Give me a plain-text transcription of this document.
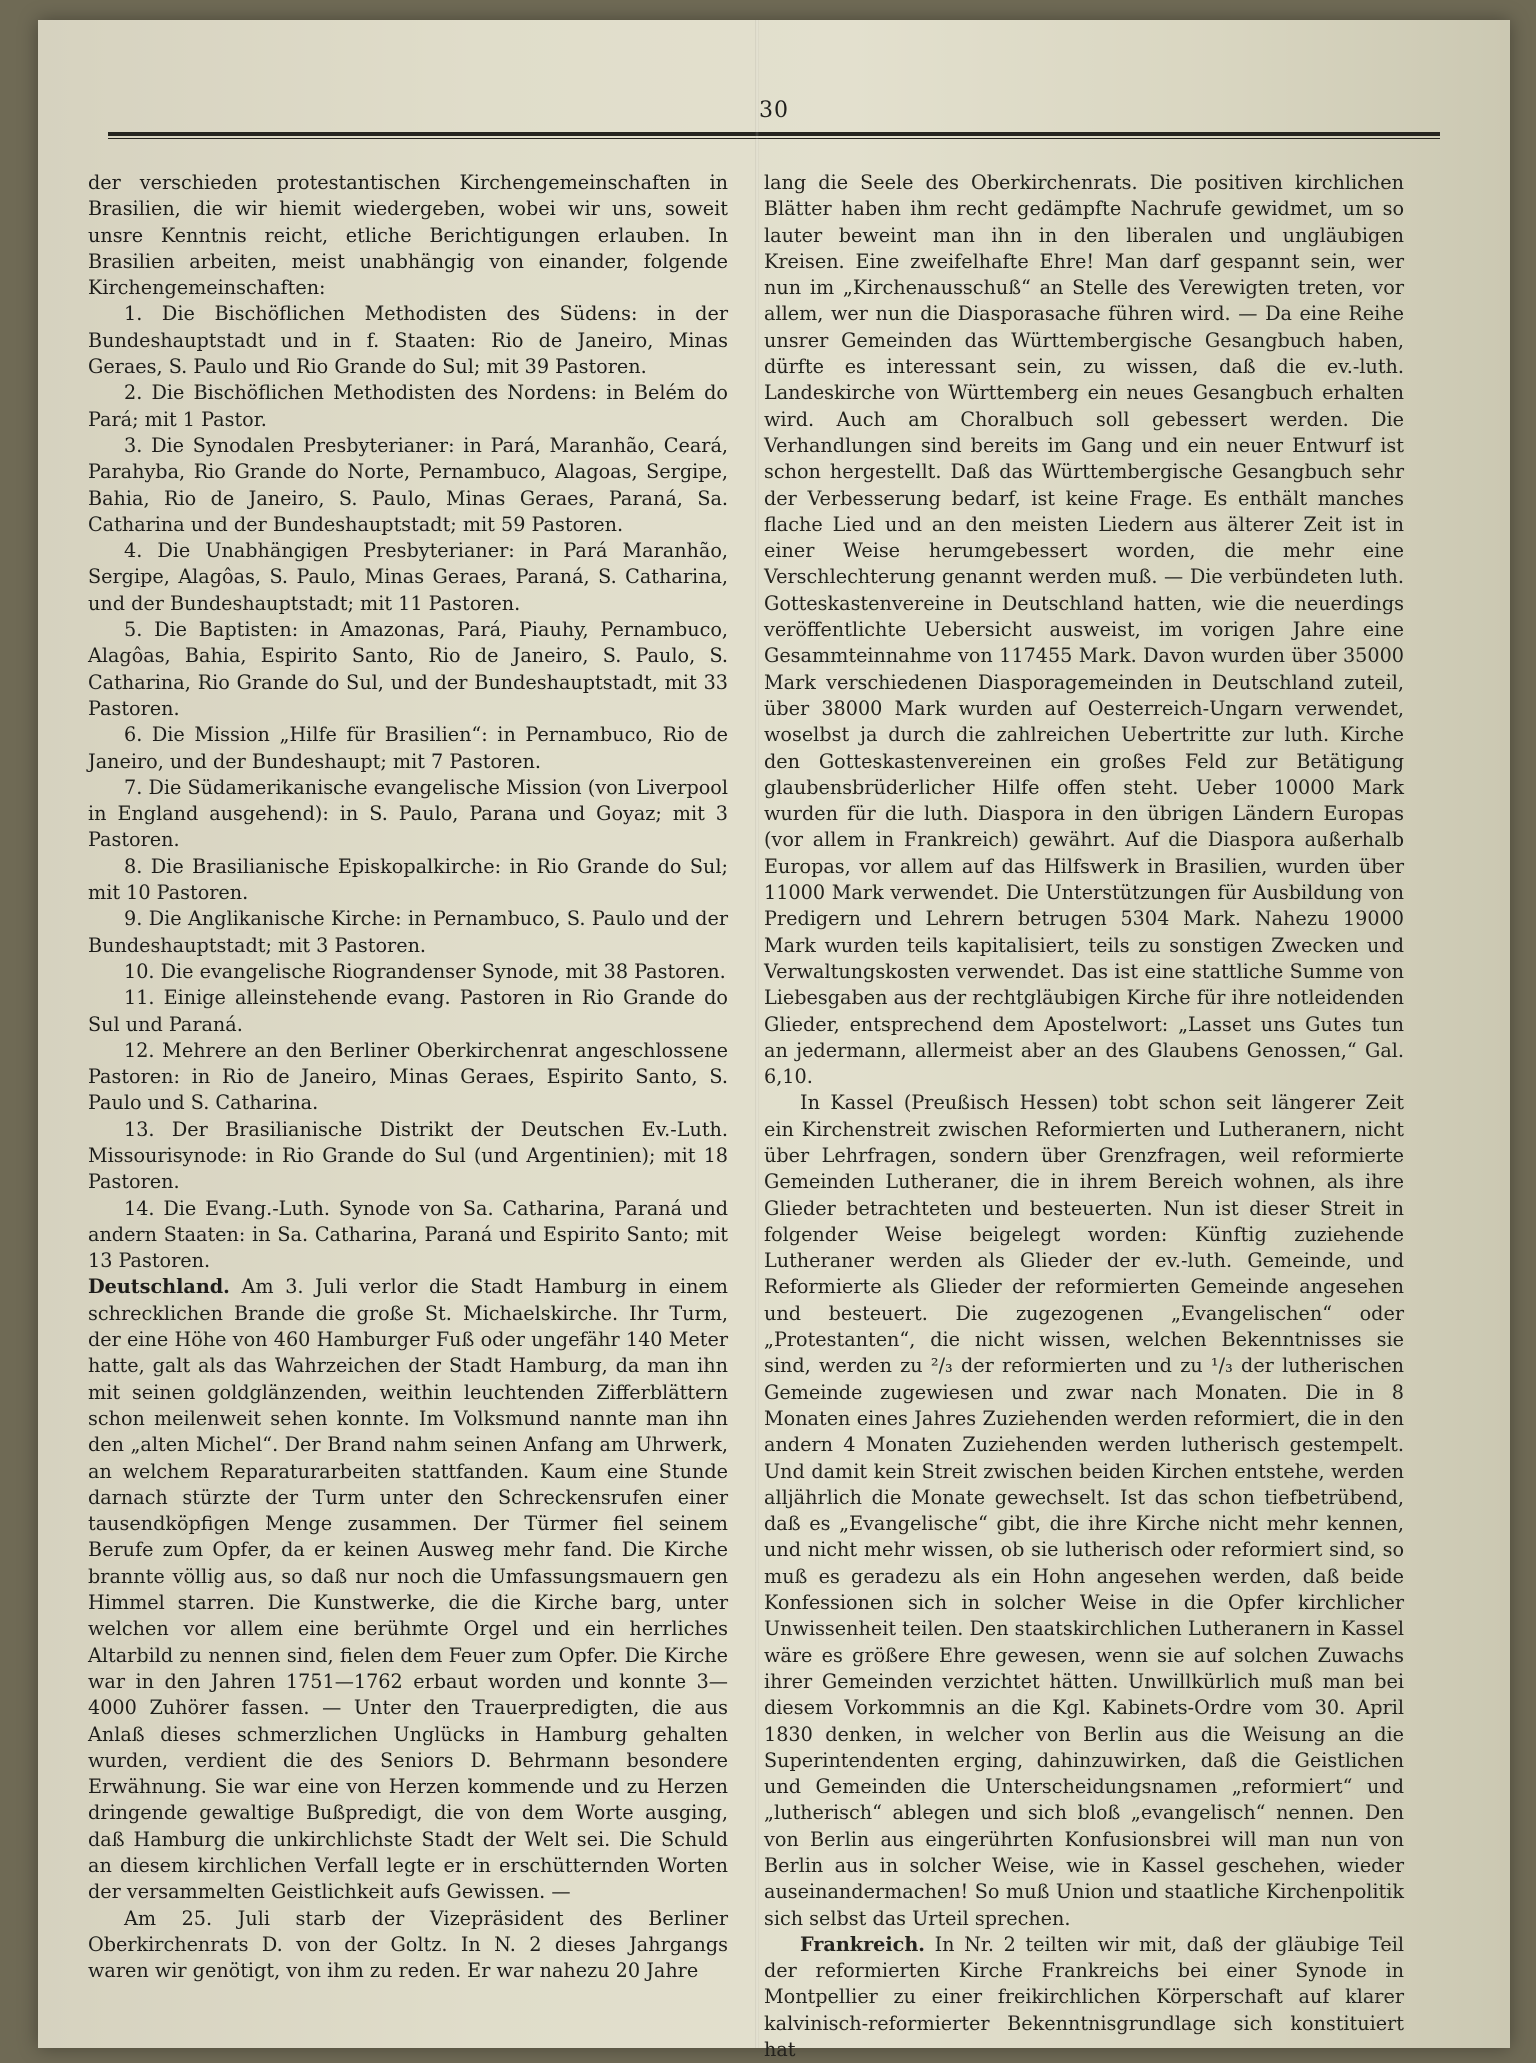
30

der verschieden protestantischen Kirchengemeinschaften in Brasilien, die wir hiemit wiedergeben, wobei wir uns, soweit unsre Kenntnis reicht, etliche Berichtigungen erlauben. In Brasilien arbeiten, meist unabhängig von einander, folgende Kirchengemeinschaften:

1. Die Bischöflichen Methodisten des Südens: in der Bundeshauptstadt und in f. Staaten: Rio de Janeiro, Minas Geraes, S. Paulo und Rio Grande do Sul; mit 39 Pastoren.

2. Die Bischöflichen Methodisten des Nordens: in Belém do Pará; mit 1 Pastor.

3. Die Synodalen Presbyterianer: in Pará, Maranhão, Ceará, Parahyba, Rio Grande do Norte, Pernambuco, Alagoas, Sergipe, Bahia, Rio de Janeiro, S. Paulo, Minas Geraes, Paraná, Sa. Catharina und der Bundeshauptstadt; mit 59 Pastoren.

4. Die Unabhängigen Presbyterianer: in Pará Maranhão, Sergipe, Alagôas, S. Paulo, Minas Geraes, Paraná, S. Catharina, und der Bundeshauptstadt; mit 11 Pastoren.

5. Die Baptisten: in Amazonas, Pará, Piauhy, Pernambuco, Alagôas, Bahia, Espirito Santo, Rio de Janeiro, S. Paulo, S. Catharina, Rio Grande do Sul, und der Bundeshauptstadt, mit 33 Pastoren.

6. Die Mission „Hilfe für Brasilien“: in Pernambuco, Rio de Janeiro, und der Bundeshaupt; mit 7 Pastoren.

7. Die Südamerikanische evangelische Mission (von Liverpool in England ausgehend): in S. Paulo, Parana und Goyaz; mit 3 Pastoren.

8. Die Brasilianische Episkopalkirche: in Rio Grande do Sul; mit 10 Pastoren.

9. Die Anglikanische Kirche: in Pernambuco, S. Paulo und der Bundeshauptstadt; mit 3 Pastoren.

10. Die evangelische Riograndenser Synode, mit 38 Pastoren.

11. Einige alleinstehende evang. Pastoren in Rio Grande do Sul und Paraná.

12. Mehrere an den Berliner Oberkirchenrat angeschlossene Pastoren: in Rio de Janeiro, Minas Geraes, Espirito Santo, S. Paulo und S. Catharina.

13. Der Brasilianische Distrikt der Deutschen Ev.-Luth. Missourisynode: in Rio Grande do Sul (und Argentinien); mit 18 Pastoren.

14. Die Evang.-Luth. Synode von Sa. Catharina, Paraná und andern Staaten: in Sa. Catharina, Paraná und Espirito Santo; mit 13 Pastoren.

Deutschland. Am 3. Juli verlor die Stadt Hamburg in einem schrecklichen Brande die große St. Michaelskirche. Ihr Turm, der eine Höhe von 460 Hamburger Fuß oder ungefähr 140 Meter hatte, galt als das Wahrzeichen der Stadt Hamburg, da man ihn mit seinen goldglänzenden, weithin leuchtenden Zifferblättern schon meilenweit sehen konnte. Im Volksmund nannte man ihn den „alten Michel“. Der Brand nahm seinen Anfang am Uhrwerk, an welchem Reparaturarbeiten stattfanden. Kaum eine Stunde darnach stürzte der Turm unter den Schreckensrufen einer tausendköpfigen Menge zusammen. Der Türmer fiel seinem Berufe zum Opfer, da er keinen Ausweg mehr fand. Die Kirche brannte völlig aus, so daß nur noch die Umfassungsmauern gen Himmel starren. Die Kunstwerke, die die Kirche barg, unter welchen vor allem eine berühmte Orgel und ein herrliches Altarbild zu nennen sind, fielen dem Feuer zum Opfer. Die Kirche war in den Jahren 1751—1762 erbaut worden und konnte 3—4000 Zuhörer fassen. — Unter den Trauerpredigten, die aus Anlaß dieses schmerzlichen Unglücks in Hamburg gehalten wurden, verdient die des Seniors D. Behrmann besondere Erwähnung. Sie war eine von Herzen kommende und zu Herzen dringende gewaltige Bußpredigt, die von dem Worte ausging, daß Hamburg die unkirchlichste Stadt der Welt sei. Die Schuld an diesem kirchlichen Verfall legte er in erschütternden Worten der versammelten Geistlichkeit aufs Gewissen. —

Am 25. Juli starb der Vizepräsident des Berliner Oberkirchenrats D. von der Goltz. In N. 2 dieses Jahrgangs waren wir genötigt, von ihm zu reden. Er war nahezu 20 Jahre

lang die Seele des Oberkirchenrats. Die positiven kirchlichen Blätter haben ihm recht gedämpfte Nachrufe gewidmet, um so lauter beweint man ihn in den liberalen und ungläubigen Kreisen. Eine zweifelhafte Ehre! Man darf gespannt sein, wer nun im „Kirchenausschuß“ an Stelle des Verewigten treten, vor allem, wer nun die Diasporasache führen wird. — Da eine Reihe unsrer Gemeinden das Württembergische Gesangbuch haben, dürfte es interessant sein, zu wissen, daß die ev.-luth. Landeskirche von Württemberg ein neues Gesangbuch erhalten wird. Auch am Choralbuch soll gebessert werden. Die Verhandlungen sind bereits im Gang und ein neuer Entwurf ist schon hergestellt. Daß das Württembergische Gesangbuch sehr der Verbesserung bedarf, ist keine Frage. Es enthält manches flache Lied und an den meisten Liedern aus älterer Zeit ist in einer Weise herumgebessert worden, die mehr eine Verschlechterung genannt werden muß. — Die verbündeten luth. Gotteskastenvereine in Deutschland hatten, wie die neuerdings veröffentlichte Uebersicht ausweist, im vorigen Jahre eine Gesammteinnahme von 117455 Mark. Davon wurden über 35000 Mark verschiedenen Diasporagemeinden in Deutschland zuteil, über 38000 Mark wurden auf Oesterreich-Ungarn verwendet, woselbst ja durch die zahlreichen Uebertritte zur luth. Kirche den Gotteskastenvereinen ein großes Feld zur Betätigung glaubensbrüderlicher Hilfe offen steht. Ueber 10000 Mark wurden für die luth. Diaspora in den übrigen Ländern Europas (vor allem in Frankreich) gewährt. Auf die Diaspora außerhalb Europas, vor allem auf das Hilfswerk in Brasilien, wurden über 11000 Mark verwendet. Die Unterstützungen für Ausbildung von Predigern und Lehrern betrugen 5304 Mark. Nahezu 19000 Mark wurden teils kapitalisiert, teils zu sonstigen Zwecken und Verwaltungskosten verwendet. Das ist eine stattliche Summe von Liebesgaben aus der rechtgläubigen Kirche für ihre notleidenden Glieder, entsprechend dem Apostelwort: „Lasset uns Gutes tun an jedermann, allermeist aber an des Glaubens Genossen,“ Gal. 6,10.

In Kassel (Preußisch Hessen) tobt schon seit längerer Zeit ein Kirchenstreit zwischen Reformierten und Lutheranern, nicht über Lehrfragen, sondern über Grenzfragen, weil reformierte Gemeinden Lutheraner, die in ihrem Bereich wohnen, als ihre Glieder betrachteten und besteuerten. Nun ist dieser Streit in folgender Weise beigelegt worden: Künftig zuziehende Lutheraner werden als Glieder der ev.-luth. Gemeinde, und Reformierte als Glieder der reformierten Gemeinde angesehen und besteuert. Die zugezogenen „Evangelischen“ oder „Protestanten“, die nicht wissen, welchen Bekenntnisses sie sind, werden zu ²/₃ der reformierten und zu ¹/₃ der lutherischen Gemeinde zugewiesen und zwar nach Monaten. Die in 8 Monaten eines Jahres Zuziehenden werden reformiert, die in den andern 4 Monaten Zuziehenden werden lutherisch gestempelt. Und damit kein Streit zwischen beiden Kirchen entstehe, werden alljährlich die Monate gewechselt. Ist das schon tiefbetrübend, daß es „Evangelische“ gibt, die ihre Kirche nicht mehr kennen, und nicht mehr wissen, ob sie lutherisch oder reformiert sind, so muß es geradezu als ein Hohn angesehen werden, daß beide Konfessionen sich in solcher Weise in die Opfer kirchlicher Unwissenheit teilen. Den staatskirchlichen Lutheranern in Kassel wäre es größere Ehre gewesen, wenn sie auf solchen Zuwachs ihrer Gemeinden verzichtet hätten. Unwillkürlich muß man bei diesem Vorkommnis an die Kgl. Kabinets-Ordre vom 30. April 1830 denken, in welcher von Berlin aus die Weisung an die Superintendenten erging, dahinzuwirken, daß die Geistlichen und Gemeinden die Unterscheidungsnamen „reformiert“ und „lutherisch“ ablegen und sich bloß „evangelisch“ nennen. Den von Berlin aus eingerührten Konfusionsbrei will man nun von Berlin aus in solcher Weise, wie in Kassel geschehen, wieder auseinandermachen! So muß Union und staatliche Kirchenpolitik sich selbst das Urteil sprechen.

Frankreich. In Nr. 2 teilten wir mit, daß der gläubige Teil der reformierten Kirche Frankreichs bei einer Synode in Montpellier zu einer freikirchlichen Körperschaft auf klarer kalvinisch-reformierter Bekenntnisgrundlage sich konstituiert hat
